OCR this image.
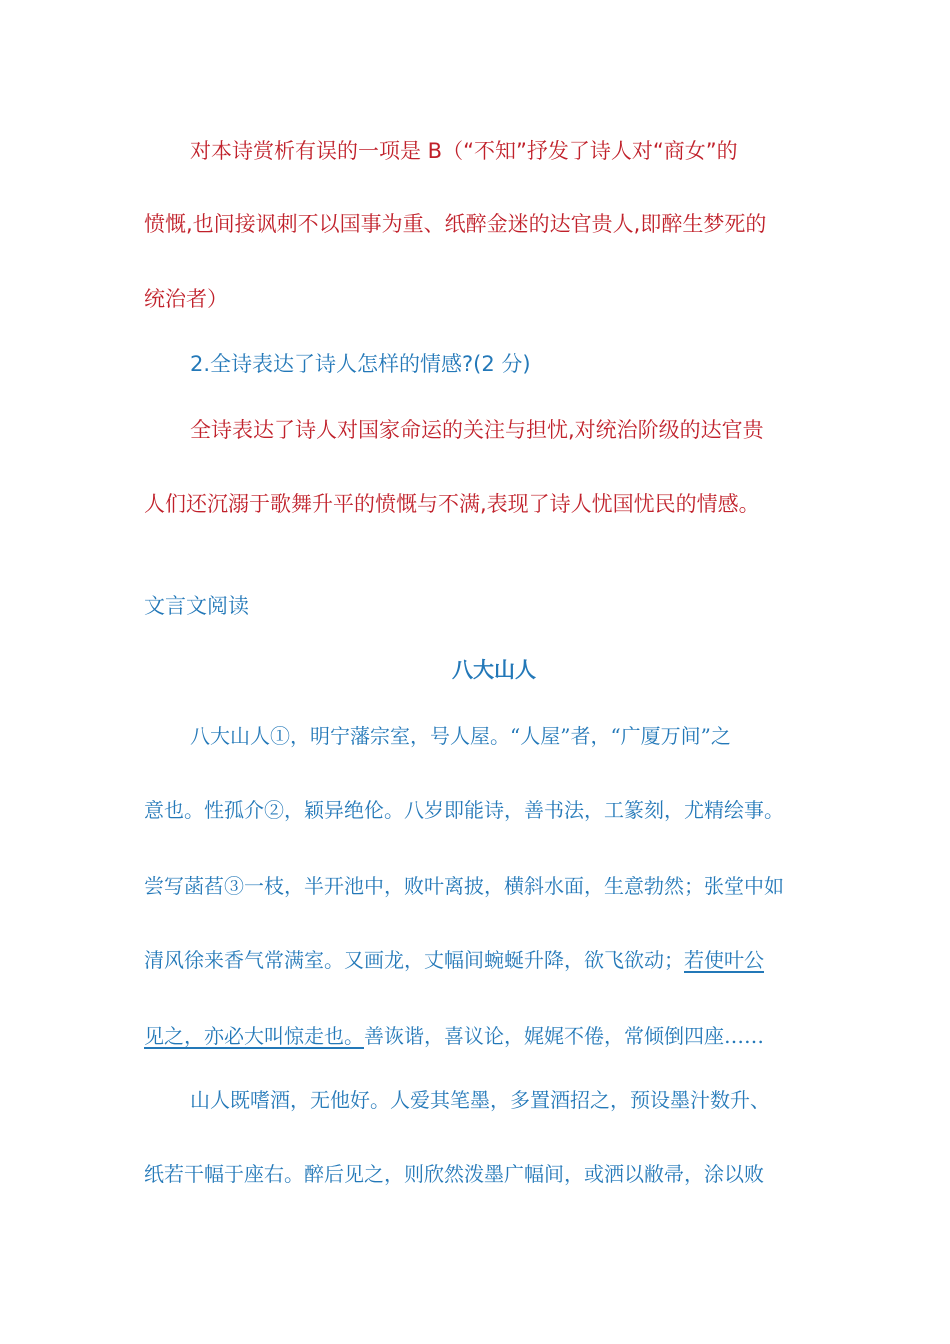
对本诗赏析有误的一项是 B（“不知”抒发了诗人对“商女”的
愤慨,也间接讽刺不以国事为重、纸醉金迷的达官贵人,即醉生梦死的
统治者）
2.全诗表达了诗人怎样的情感?(2 分)
全诗表达了诗人对国家命运的关注与担忧,对统治阶级的达官贵
人们还沉溺于歌舞升平的愤慨与不满,表现了诗人忧国忧民的情感。
文言文阅读
八大山人
八大山人①，明宁藩宗室，号人屋。“人屋”者，“广厦万间”之
意也。性孤介②，颖异绝伦。八岁即能诗，善书法，工篆刻，尤精绘事。
尝写菡萏③一枝，半开池中，败叶离披，横斜水面，生意勃然；张堂中如
清风徐来香气常满室。又画龙，丈幅间蜿蜒升降，欲飞欲动；若使叶公
见之，亦必大叫惊走也。善诙谐，喜议论，娓娓不倦，常倾倒四座……
山人既嗜酒，无他好。人爱其笔墨，多置酒招之，预设墨汁数升、
纸若干幅于座右。醉后见之，则欣然泼墨广幅间，或洒以敝帚，涂以败
